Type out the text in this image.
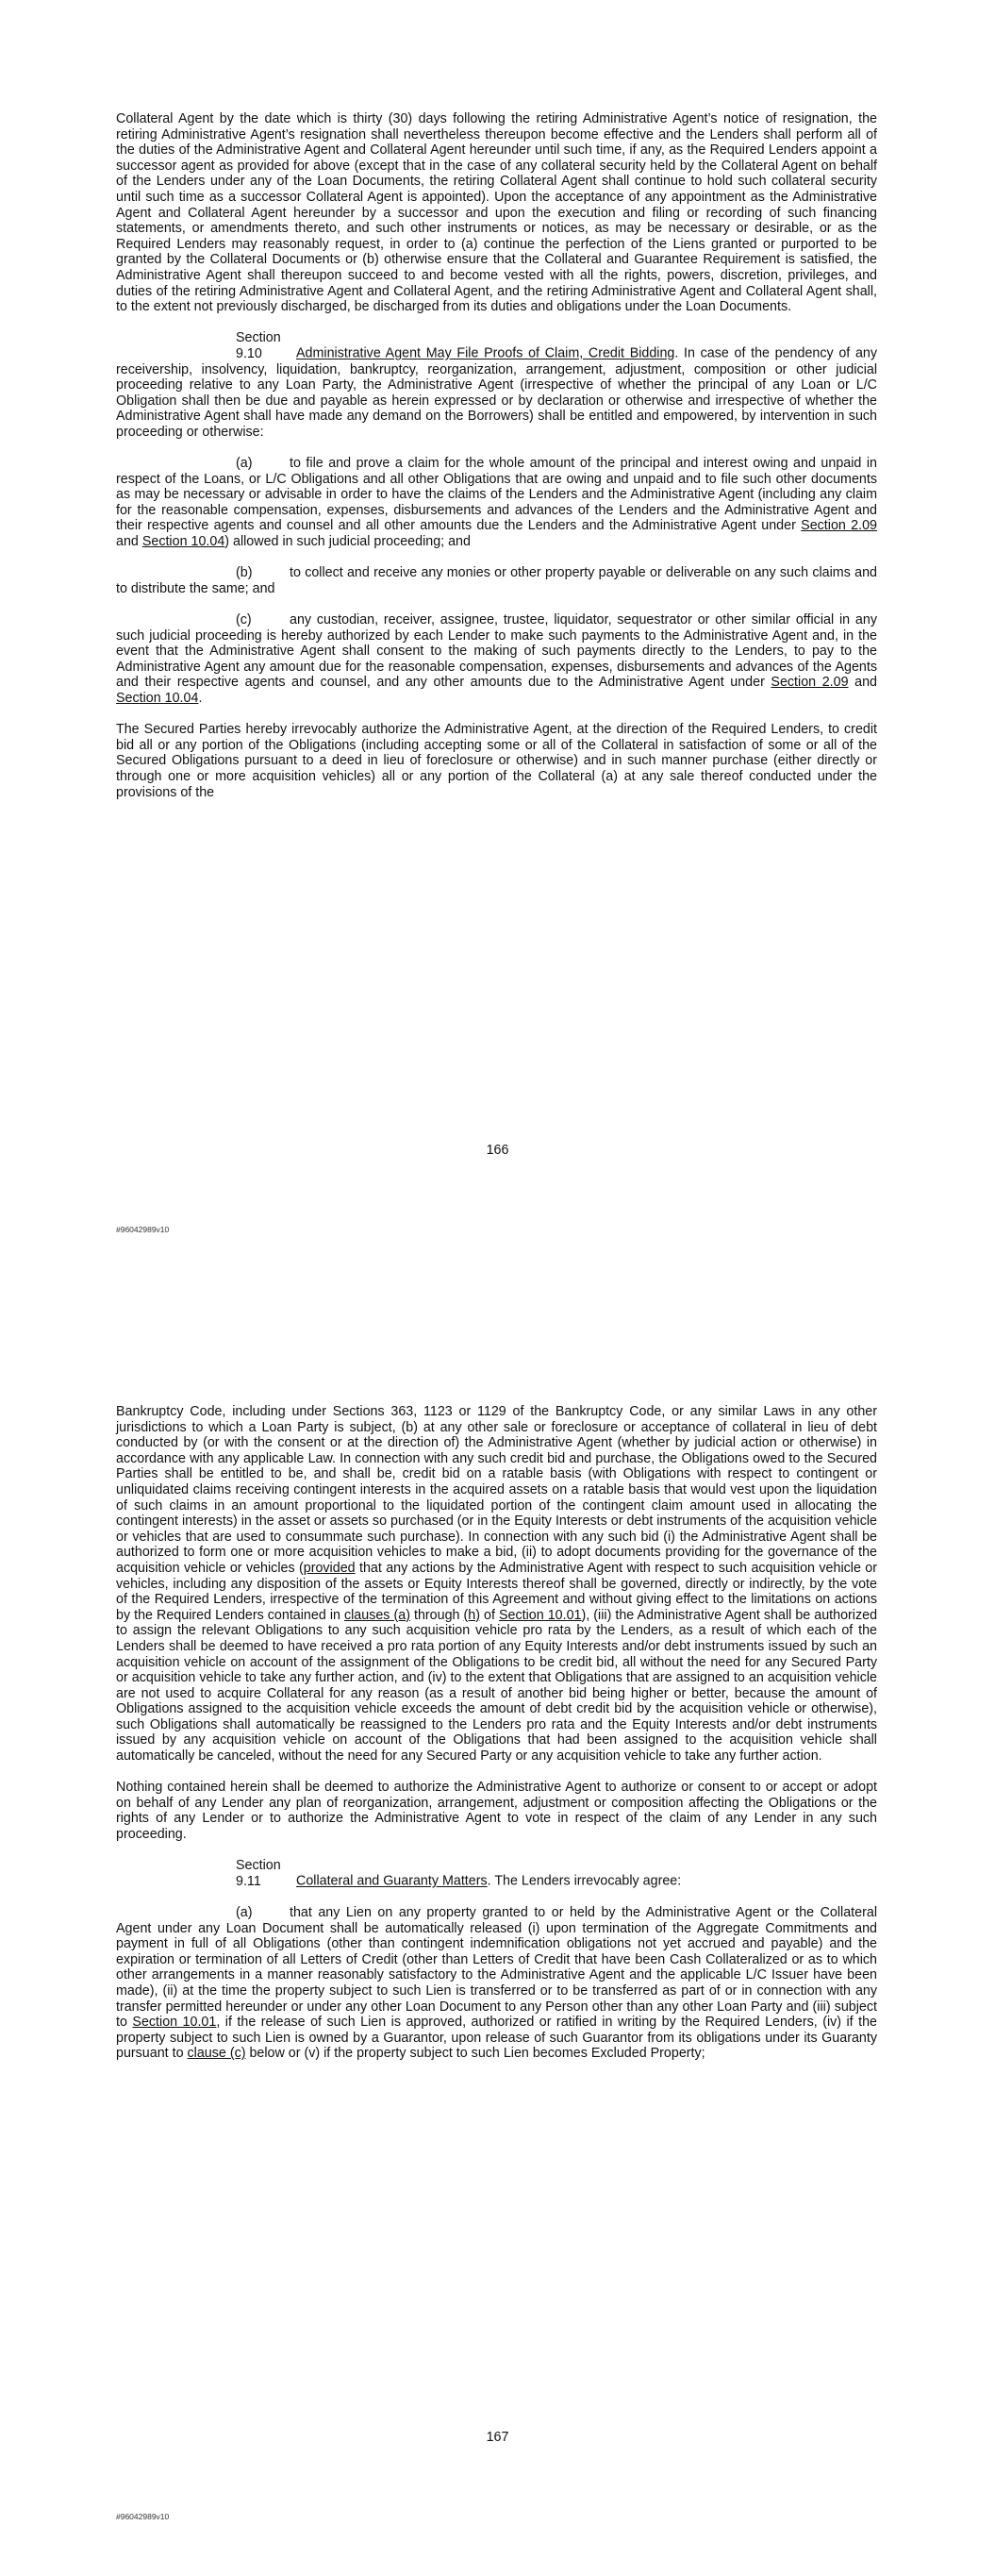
Collateral Agent by the date which is thirty (30) days following the retiring Administrative Agent’s notice of resignation, the retiring Administrative Agent’s resignation shall nevertheless thereupon become effective and the Lenders shall perform all of the duties of the Administrative Agent and Collateral Agent hereunder until such time, if any, as the Required Lenders appoint a successor agent as provided for above (except that in the case of any collateral security held by the Collateral Agent on behalf of the Lenders under any of the Loan Documents, the retiring Collateral Agent shall continue to hold such collateral security until such time as a successor Collateral Agent is appointed). Upon the acceptance of any appointment as the Administrative Agent and Collateral Agent hereunder by a successor and upon the execution and filing or recording of such financing statements, or amendments thereto, and such other instruments or notices, as may be necessary or desirable, or as the Required Lenders may reasonably request, in order to (a) continue the perfection of the Liens granted or purported to be granted by the Collateral Documents or (b) otherwise ensure that the Collateral and Guarantee Requirement is satisfied, the Administrative Agent shall thereupon succeed to and become vested with all the rights, powers, discretion, privileges, and duties of the retiring Administrative Agent and Collateral Agent, and the retiring Administrative Agent and Collateral Agent shall, to the extent not previously discharged, be discharged from its duties and obligations under the Loan Documents.

Section 9.10	Administrative Agent May File Proofs of Claim, Credit Bidding. In case of the pendency of any receivership, insolvency, liquidation, bankruptcy, reorganization, arrangement, adjustment, composition or other judicial proceeding relative to any Loan Party, the Administrative Agent (irrespective of whether the principal of any Loan or L/C Obligation shall then be due and payable as herein expressed or by declaration or otherwise and irrespective of whether the Administrative Agent shall have made any demand on the Borrowers) shall be entitled and empowered, by intervention in such proceeding or otherwise:

(a)	to file and prove a claim for the whole amount of the principal and interest owing and unpaid in respect of the Loans, or L/C Obligations and all other Obligations that are owing and unpaid and to file such other documents as may be necessary or advisable in order to have the claims of the Lenders and the Administrative Agent (including any claim for the reasonable compensation, expenses, disbursements and advances of the Lenders and the Administrative Agent and their respective agents and counsel and all other amounts due the Lenders and the Administrative Agent under Section 2.09 and Section 10.04) allowed in such judicial proceeding; and

(b)	to collect and receive any monies or other property payable or deliverable on any such claims and to distribute the same; and

(c)	any custodian, receiver, assignee, trustee, liquidator, sequestrator or other similar official in any such judicial proceeding is hereby authorized by each Lender to make such payments to the Administrative Agent and, in the event that the Administrative Agent shall consent to the making of such payments directly to the Lenders, to pay to the Administrative Agent any amount due for the reasonable compensation, expenses, disbursements and advances of the Agents and their respective agents and counsel, and any other amounts due to the Administrative Agent under Section 2.09 and Section 10.04.

The Secured Parties hereby irrevocably authorize the Administrative Agent, at the direction of the Required Lenders, to credit bid all or any portion of the Obligations (including accepting some or all of the Collateral in satisfaction of some or all of the Secured Obligations pursuant to a deed in lieu of foreclosure or otherwise) and in such manner purchase (either directly or through one or more acquisition vehicles) all or any portion of the Collateral (a) at any sale thereof conducted under the provisions of the

166
#96042989v10

Bankruptcy Code, including under Sections 363, 1123 or 1129 of the Bankruptcy Code, or any similar Laws in any other jurisdictions to which a Loan Party is subject, (b) at any other sale or foreclosure or acceptance of collateral in lieu of debt conducted by (or with the consent or at the direction of) the Administrative Agent (whether by judicial action or otherwise) in accordance with any applicable Law. In connection with any such credit bid and purchase, the Obligations owed to the Secured Parties shall be entitled to be, and shall be, credit bid on a ratable basis (with Obligations with respect to contingent or unliquidated claims receiving contingent interests in the acquired assets on a ratable basis that would vest upon the liquidation of such claims in an amount proportional to the liquidated portion of the contingent claim amount used in allocating the contingent interests) in the asset or assets so purchased (or in the Equity Interests or debt instruments of the acquisition vehicle or vehicles that are used to consummate such purchase). In connection with any such bid (i) the Administrative Agent shall be authorized to form one or more acquisition vehicles to make a bid, (ii) to adopt documents providing for the governance of the acquisition vehicle or vehicles (provided that any actions by the Administrative Agent with respect to such acquisition vehicle or vehicles, including any disposition of the assets or Equity Interests thereof shall be governed, directly or indirectly, by the vote of the Required Lenders, irrespective of the termination of this Agreement and without giving effect to the limitations on actions by the Required Lenders contained in clauses (a) through (h) of Section 10.01), (iii) the Administrative Agent shall be authorized to assign the relevant Obligations to any such acquisition vehicle pro rata by the Lenders, as a result of which each of the Lenders shall be deemed to have received a pro rata portion of any Equity Interests and/or debt instruments issued by such an acquisition vehicle on account of the assignment of the Obligations to be credit bid, all without the need for any Secured Party or acquisition vehicle to take any further action, and (iv) to the extent that Obligations that are assigned to an acquisition vehicle are not used to acquire Collateral for any reason (as a result of another bid being higher or better, because the amount of Obligations assigned to the acquisition vehicle exceeds the amount of debt credit bid by the acquisition vehicle or otherwise), such Obligations shall automatically be reassigned to the Lenders pro rata and the Equity Interests and/or debt instruments issued by any acquisition vehicle on account of the Obligations that had been assigned to the acquisition vehicle shall automatically be canceled, without the need for any Secured Party or any acquisition vehicle to take any further action.

Nothing contained herein shall be deemed to authorize the Administrative Agent to authorize or consent to or accept or adopt on behalf of any Lender any plan of reorganization, arrangement, adjustment or composition affecting the Obligations or the rights of any Lender or to authorize the Administrative Agent to vote in respect of the claim of any Lender in any such proceeding.

Section 9.11	Collateral and Guaranty Matters. The Lenders irrevocably agree:

(a)	that any Lien on any property granted to or held by the Administrative Agent or the Collateral Agent under any Loan Document shall be automatically released (i) upon termination of the Aggregate Commitments and payment in full of all Obligations (other than contingent indemnification obligations not yet accrued and payable) and the expiration or termination of all Letters of Credit (other than Letters of Credit that have been Cash Collateralized or as to which other arrangements in a manner reasonably satisfactory to the Administrative Agent and the applicable L/C Issuer have been made), (ii) at the time the property subject to such Lien is transferred or to be transferred as part of or in connection with any transfer permitted hereunder or under any other Loan Document to any Person other than any other Loan Party and (iii) subject to Section 10.01, if the release of such Lien is approved, authorized or ratified in writing by the Required Lenders, (iv) if the property subject to such Lien is owned by a Guarantor, upon release of such Guarantor from its obligations under its Guaranty pursuant to clause (c) below or (v) if the property subject to such Lien becomes Excluded Property;

167
#96042989v10
